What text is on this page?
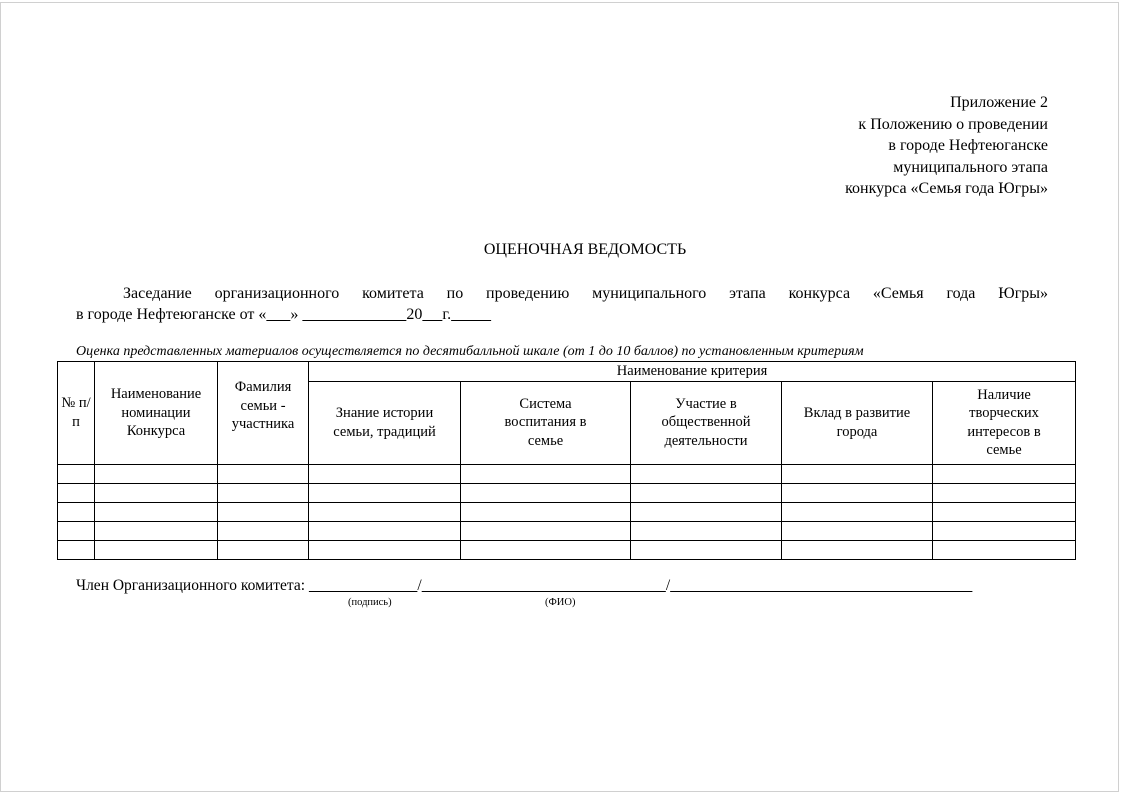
Приложение 2
к Положению о проведении
в городе Нефтеюганске
муниципального этапа
конкурса «Семья года Югры»
ОЦЕНОЧНАЯ ВЕДОМОСТЬ
Заседание организационного комитета по проведению муниципального этапа конкурса «Семья года Югры»
в городе Нефтеюганске от « »	20 г.
Оценка представленных материалов осуществляется по десятибалльной шкале (от 1 до 10 баллов) по установленным критериям
№ п/п	Наименование номинации Конкурса	Фамилия семьи - участника	Наименование критерия				
			Знание истории семьи, традиций	Система воспитания в семье	Участие в общественной деятельности	Вклад в развитие города	Наличие творческих интересов в семье

Член Организационного комитета:	/	/
(подпись)	(ФИО)
